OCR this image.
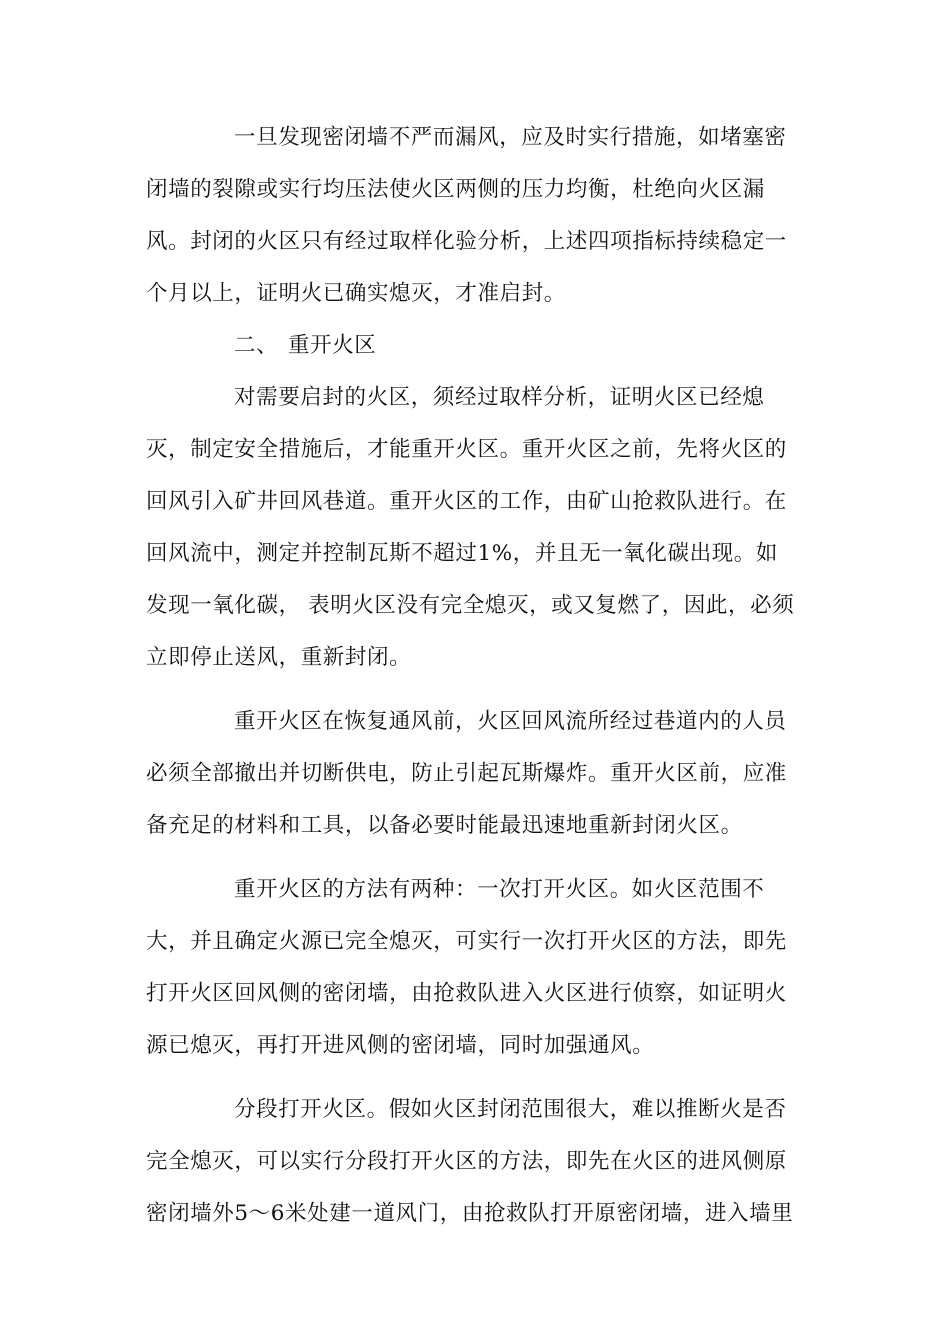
一旦发现密闭墙不严而漏风，应及时实行措施，如堵塞密
闭墙的裂隙或实行均压法使火区两侧的压力均衡，杜绝向火区漏
风。封闭的火区只有经过取样化验分析，上述四项指标持续稳定一
个月以上，证明火已确实熄灭，才准启封。
二、 重开火区
对需要启封的火区，须经过取样分析，证明火区已经熄
灭，制定安全措施后，才能重开火区。重开火区之前，先将火区的
回风引入矿井回风巷道。重开火区的工作，由矿山抢救队进行。在
回风流中，测定并控制瓦斯不超过1%，并且无一氧化碳出现。如
发现一氧化碳， 表明火区没有完全熄灭，或又复燃了，因此，必须
立即停止送风，重新封闭。
重开火区在恢复通风前，火区回风流所经过巷道内的人员
必须全部撤出并切断供电，防止引起瓦斯爆炸。重开火区前，应准
备充足的材料和工具，以备必要时能最迅速地重新封闭火区。
重开火区的方法有两种：一次打开火区。如火区范围不
大，并且确定火源已完全熄灭，可实行一次打开火区的方法，即先
打开火区回风侧的密闭墙，由抢救队进入火区进行侦察，如证明火
源已熄灭，再打开进风侧的密闭墙，同时加强通风。
分段打开火区。假如火区封闭范围很大，难以推断火是否
完全熄灭，可以实行分段打开火区的方法，即先在火区的进风侧原
密闭墙外5～6米处建一道风门，由抢救队打开原密闭墙，进入墙里
